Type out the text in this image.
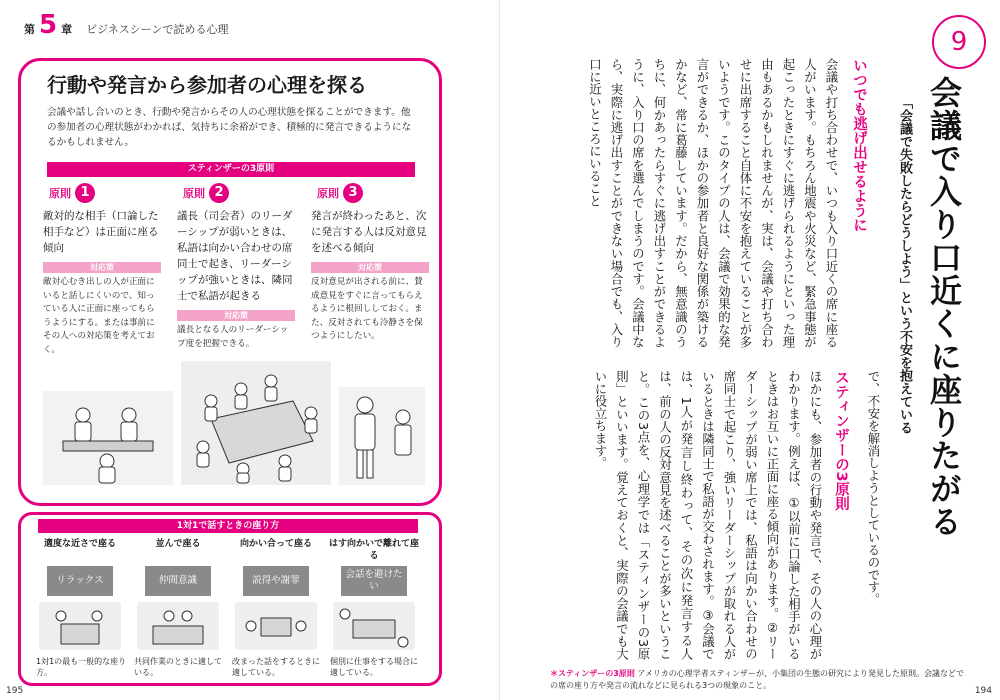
第 5 章 ビジネスシーンで読める心理
行動や発言から参加者の心理を探る
会議や話し合いのとき、行動や発言からその人の心理状態を探ることができます。他の参加者の心理状態がわかれば、気持ちに余裕ができ、積極的に発言できるようになるかもしれません。
スティンザーの3原則
原則 1
敵対的な相手（口論した相手など）は正面に座る傾向
対応策
敵対心むき出しの人が正面にいると話しにくいので、知っている人に正面に座ってもらうようにする。または事前にその人への対応策を考えておく。
原則 2
議長（司会者）のリーダーシップが弱いときは、私語は向かい合わせの席同士で起き、リーダーシップが強いときは、隣同士で私語が起きる
対応策
議長となる人のリーダーシップ度を把握できる。
原則 3
発言が終わったあと、次に発言する人は反対意見を述べる傾向
対応策
反対意見が出される前に、賛成意見をすぐに言ってもらえるように根回ししておく。また、反対されても冷静さを保つようにしたい。
1対1で話すときの座り方
適度な近さで座る
リラックス
1対1の最も一般的な座り方。
並んで座る
仲間意識
共同作業のときに適している。
向かい合って座る
説得や謝罪
改まった話をするときに適している。
はす向かいで離れて座る
会話を避けたい
個別に仕事をする場合に適している。
195
9
会議で入り口近くに座りたがる
「会議で失敗したらどうしよう」という不安を抱えている
いつでも逃げ出せるように
会議や打ち合わせで、いつも入り口近くの席に座る人がいます。もちろん地震や火災など、緊急事態が起こったときにすぐに逃げられるようにといった理由もあるかもしれませんが、実は、会議や打ち合わせに出席すること自体に不安を抱えていることが多いようです。このタイプの人は、会議で効果的な発言ができるか、ほかの参加者と良好な関係が築けるかなど、常に葛藤しています。だから、無意識のうちに、何かあったらすぐに逃げ出すことができるように、入り口の席を選んでしまうのです。会議中なら、実際に逃げ出すことができない場合でも、入り口に近いところにいること
で、不安を解消しようとしているのです。
スティンザーの3原則
ほかにも、参加者の行動や発言で、その人の心理がわかります。例えば、①以前に口論した相手がいるときはお互いに正面に座る傾向があります。②リーダーシップが弱い席上では、私語は向かい合わせの席同士で起こり、強いリーダーシップが取れる人がいるときは隣同士で私語が交わされます。③会議では、1人が発言し終わって、その次に発言する人は、前の人の反対意見を述べることが多いということ。この3点を、心理学では「スティンザーの3原則」といいます。覚えておくと、実際の会議でも大いに役立ちます。
＊スティンザーの3原則 アメリカの心理学者スティンザーが、小集団の生態の研究により発見した原則。会議などでの席の座り方や発言の流れなどに見られる3つの現象のこと。
194
